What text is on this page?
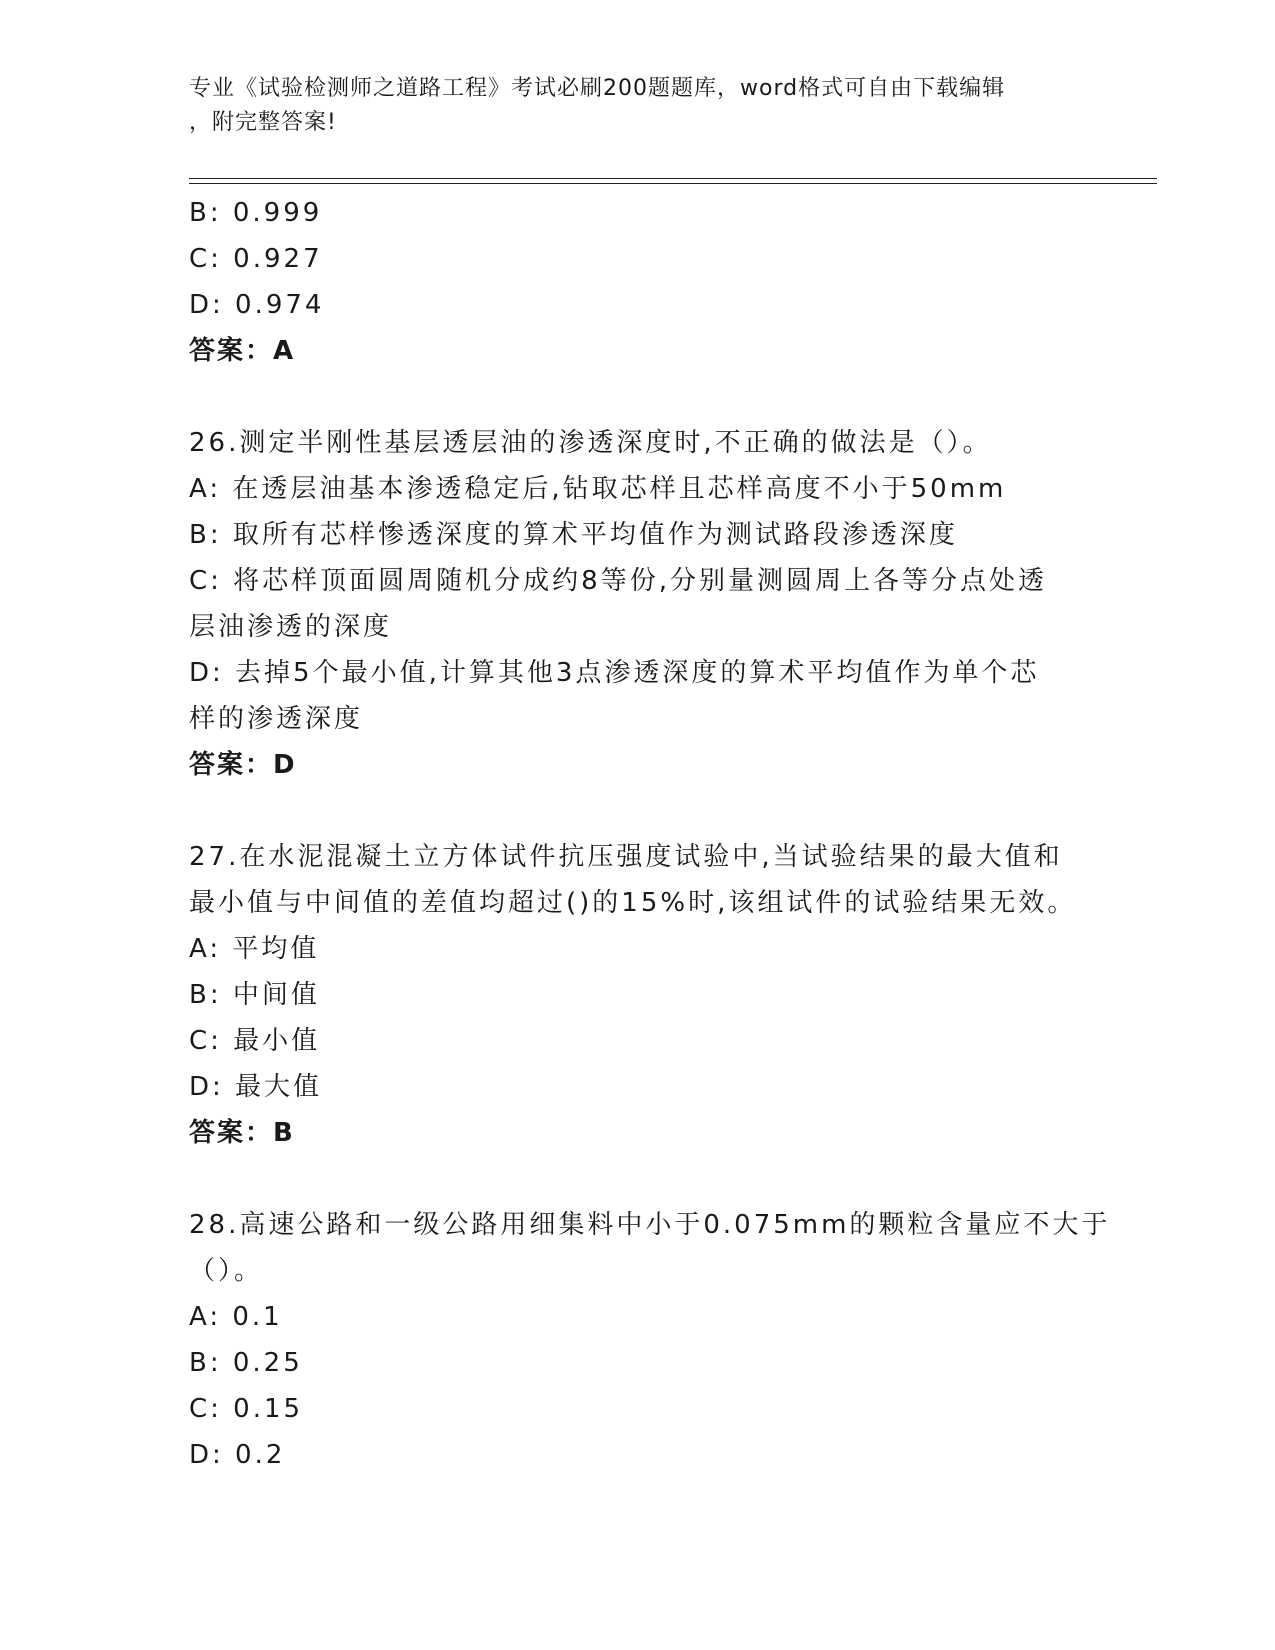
专业《试验检测师之道路工程》考试必刷200题题库，word格式可自由下载编辑
，附完整答案!
B: 0.999
C: 0.927
D: 0.974
答案：A
26.测定半刚性基层透层油的渗透深度时,不正确的做法是（）。
A: 在透层油基本渗透稳定后,钻取芯样且芯样高度不小于50mm
B: 取所有芯样惨透深度的算术平均值作为测试路段渗透深度
C: 将芯样顶面圆周随机分成约8等份,分别量测圆周上各等分点处透
层油渗透的深度
D: 去掉5个最小值,计算其他3点渗透深度的算术平均值作为单个芯
样的渗透深度
答案：D
27.在水泥混凝土立方体试件抗压强度试验中,当试验结果的最大值和
最小值与中间值的差值均超过()的15%时,该组试件的试验结果无效。
A: 平均值
B: 中间值
C: 最小值
D: 最大值
答案：B
28.高速公路和一级公路用细集料中小于0.075mm的颗粒含量应不大于
（）。
A: 0.1
B: 0.25
C: 0.15
D: 0.2
